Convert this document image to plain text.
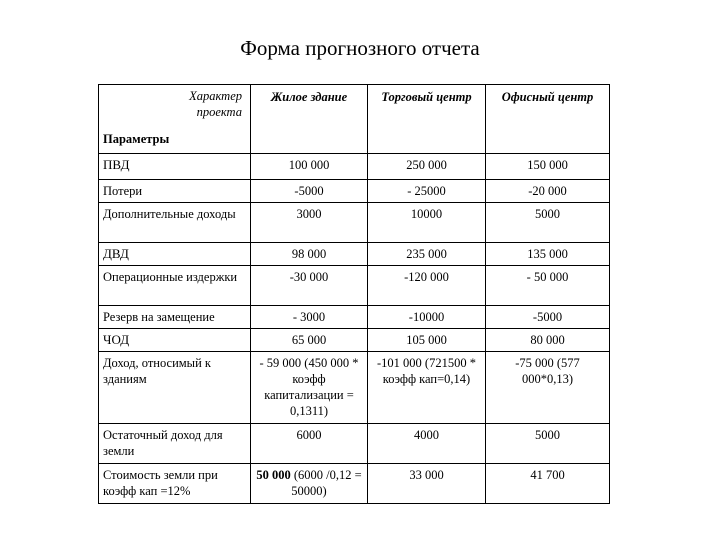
Форма прогнозного отчета
Характер
проекта
Параметры	Жилое здание	Торговый центр	Офисный центр
ПВД	100 000	250 000	150 000
Потери	-5000	- 25000	-20 000
Дополнительные доходы	3000	10000	5000
ДВД	98 000	235 000	135 000
Операционные издержки	-30 000	-120 000	- 50 000
Резерв на замещение	- 3000	-10000	-5000
ЧОД	65 000	105 000	80 000
Доход, относимый к зданиям	- 59 000 (450 000 * коэфф капитализации = 0,1311)	-101 000 (721500 * коэфф кап=0,14)	-75 000 (577 000*0,13)
Остаточный доход для земли	6000	4000	5000
Стоимость земли при коэфф кап =12%	50 000 (6000 /0,12 = 50000)	33 000	41 700
